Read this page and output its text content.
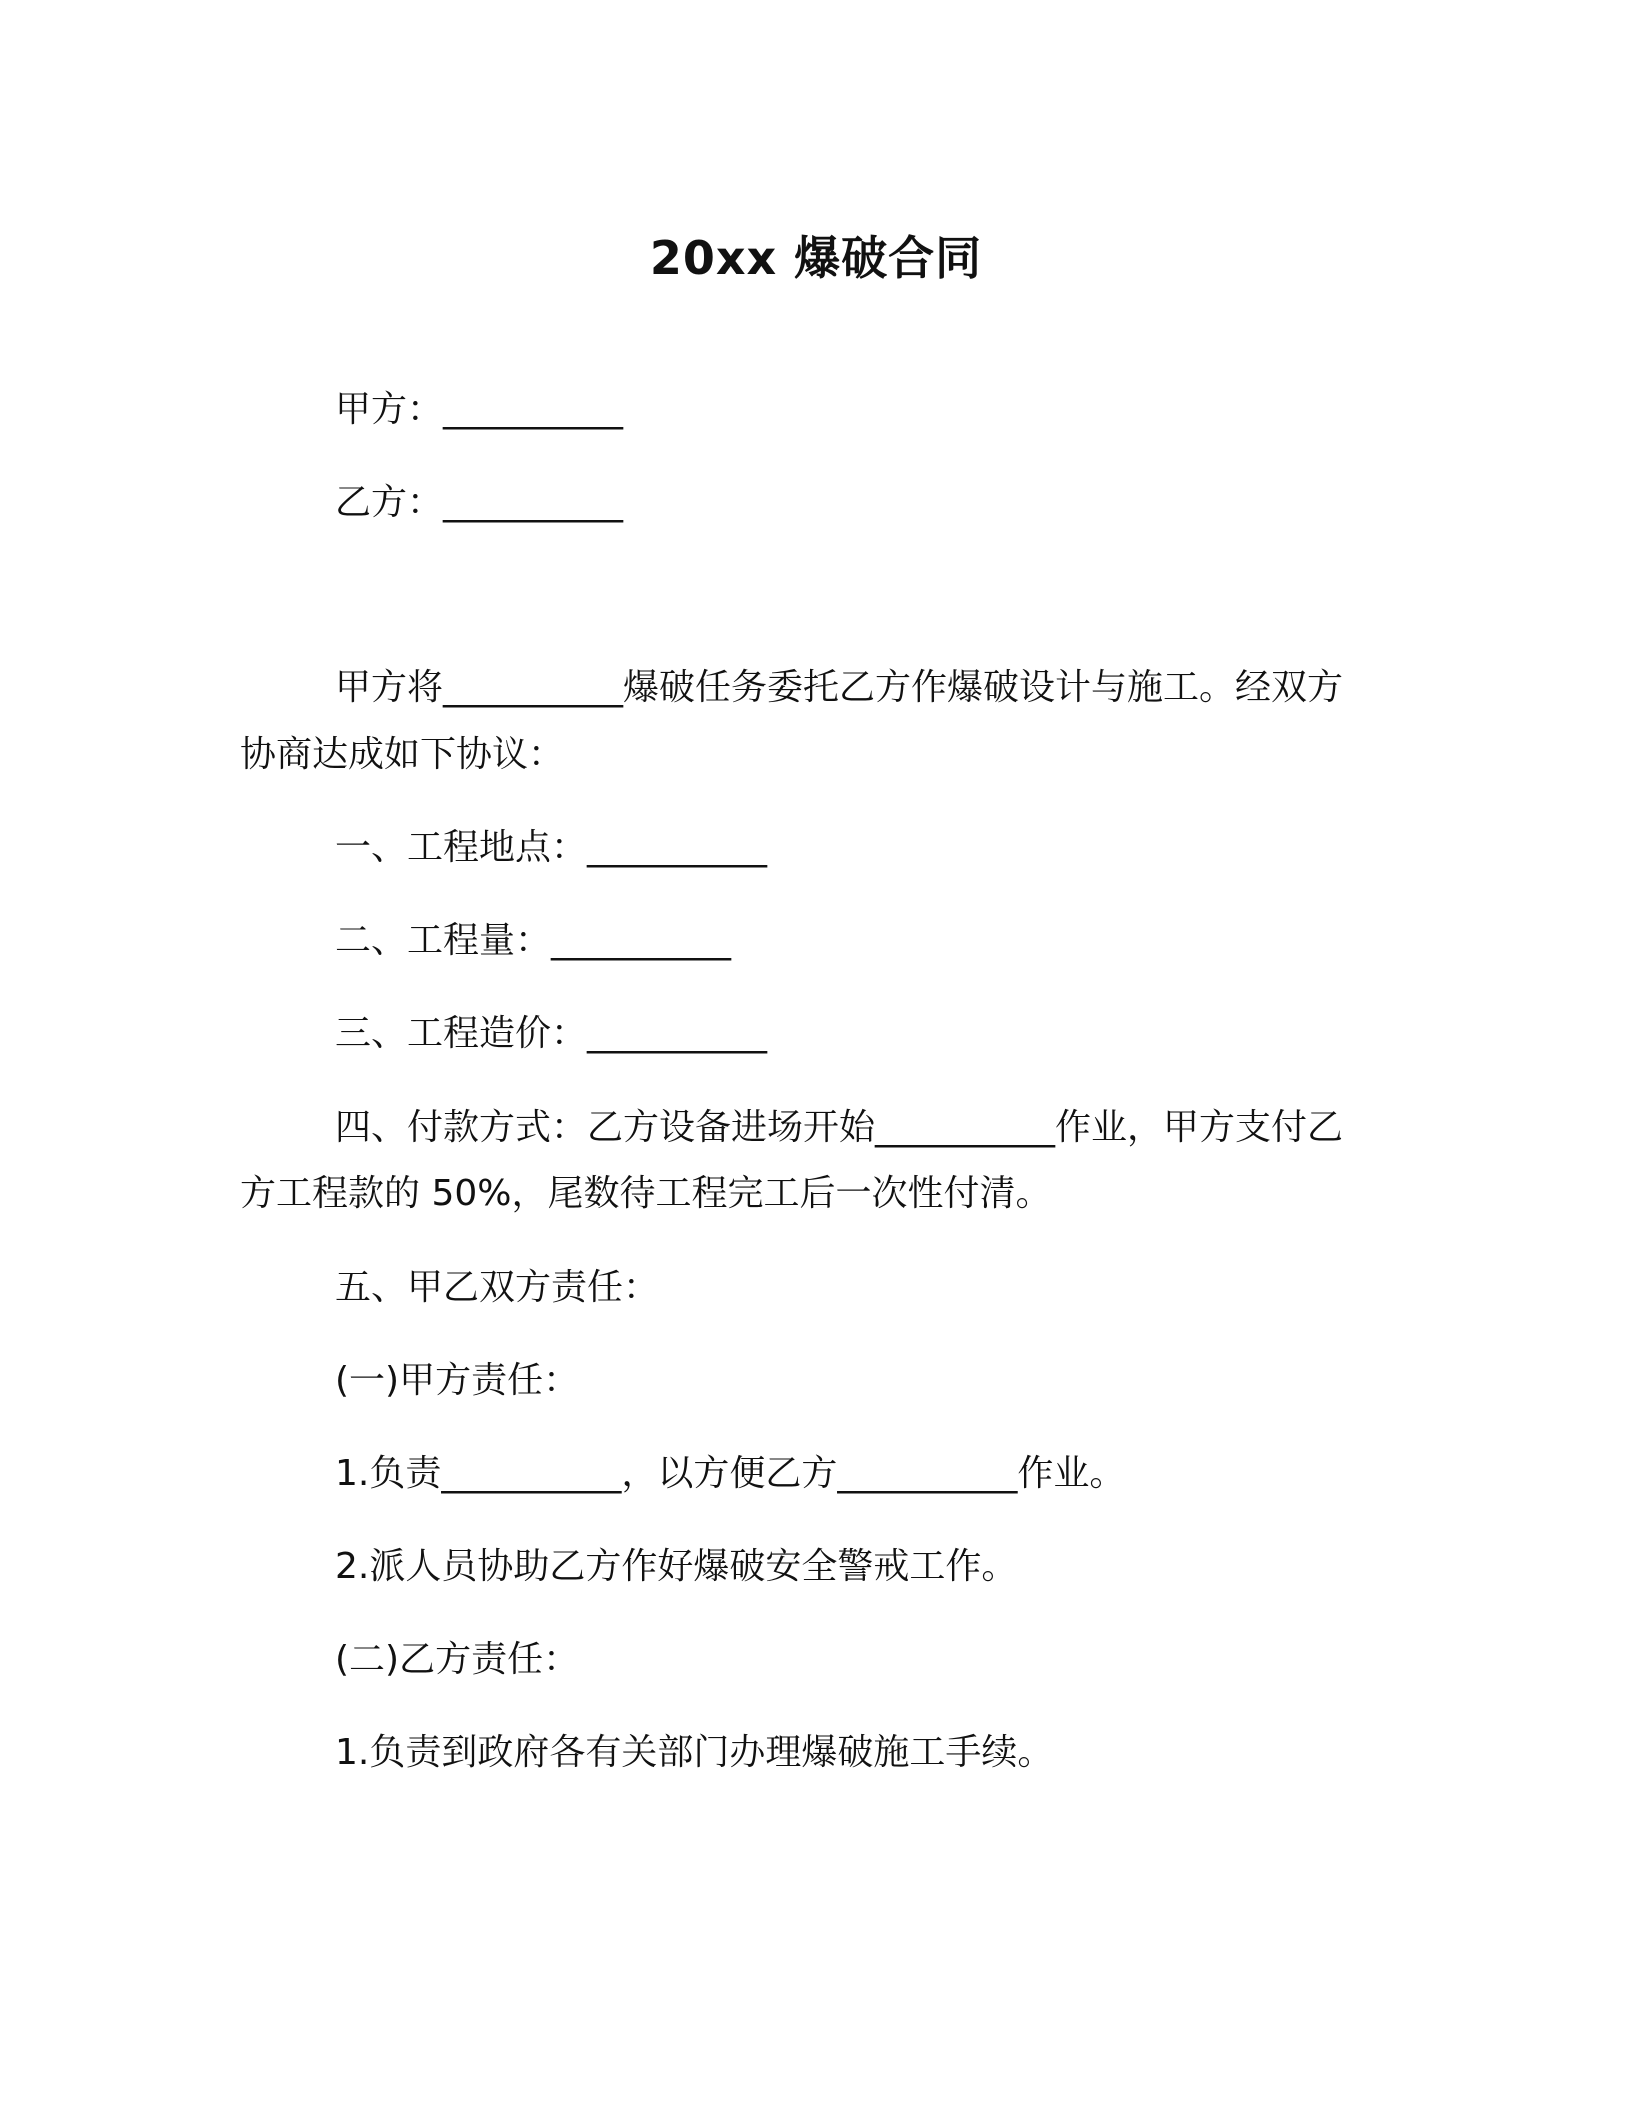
20xx 爆破合同
甲方：__________
乙方：__________
甲方将__________爆破任务委托乙方作爆破设计与施工。经双方
协商达成如下协议：
一、工程地点：__________
二、工程量：__________
三、工程造价：__________
四、付款方式：乙方设备进场开始__________作业，甲方支付乙
方工程款的 50%，尾数待工程完工后一次性付清。
五、甲乙双方责任：
(一)甲方责任：
1.负责__________，以方便乙方__________作业。
2.派人员协助乙方作好爆破安全警戒工作。
(二)乙方责任：
1.负责到政府各有关部门办理爆破施工手续。
